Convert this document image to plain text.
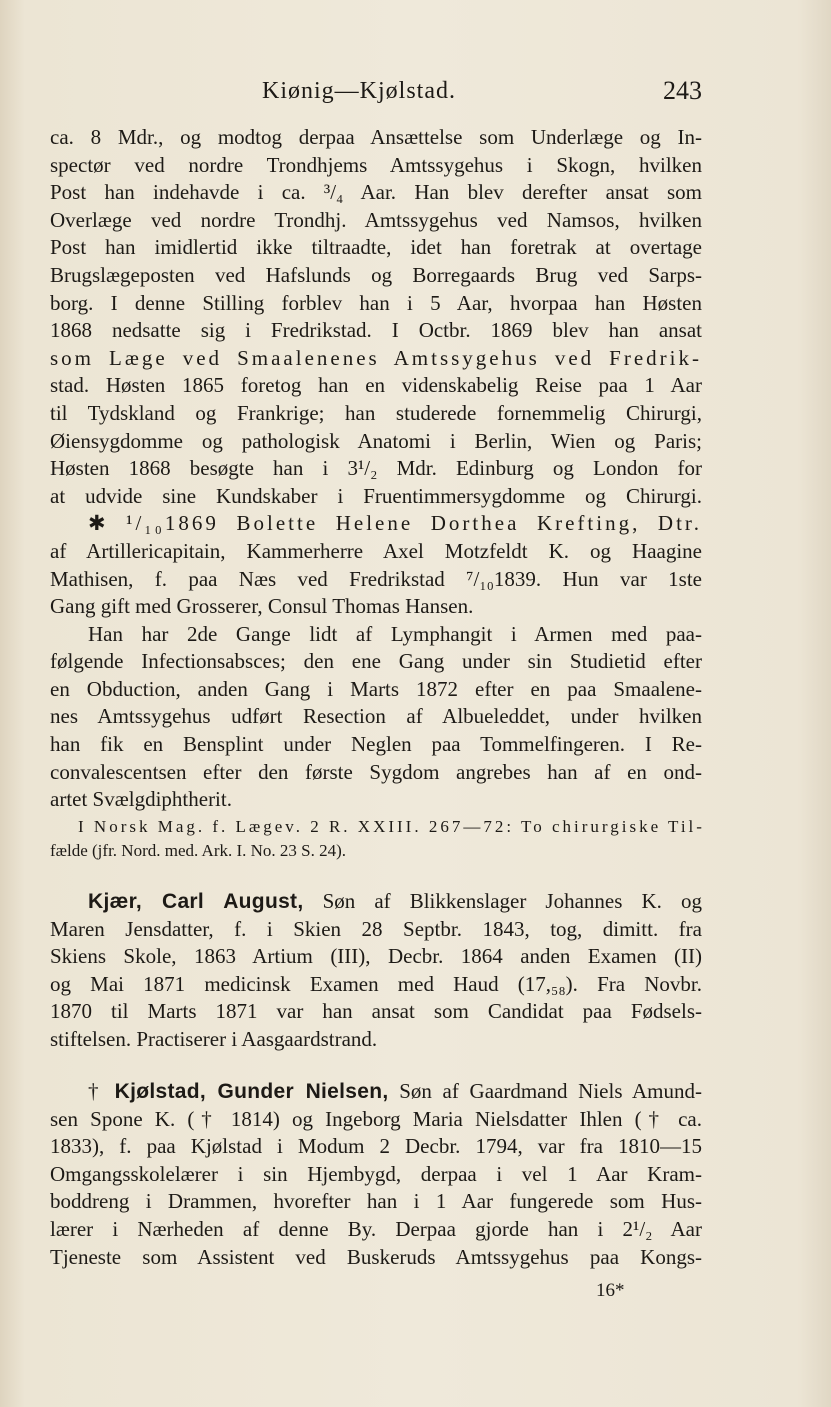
Kiønig—Kjølstad.	243
ca. 8 Mdr., og modtog derpaa Ansættelse som Underlæge og In-
spectør ved nordre Trondhjems Amtssygehus i Skogn, hvilken
Post han indehavde i ca. ³/₄ Aar. Han blev derefter ansat som
Overlæge ved nordre Trondhj. Amtssygehus ved Namsos, hvilken
Post han imidlertid ikke tiltraadte, idet han foretrak at overtage
Brugslægeposten ved Hafslunds og Borregaards Brug ved Sarps-
borg. I denne Stilling forblev han i 5 Aar, hvorpaa han Høsten
1868 nedsatte sig i Fredrikstad. I Octbr. 1869 blev han ansat
som Læge ved Smaalenenes Amtssygehus ved Fredrik-
stad. Høsten 1865 foretog han en videnskabelig Reise paa 1 Aar
til Tydskland og Frankrige; han studerede fornemmelig Chirurgi,
Øiensygdomme og pathologisk Anatomi i Berlin, Wien og Paris;
Høsten 1868 besøgte han i 3¹/₂ Mdr. Edinburg og London for
at udvide sine Kundskaber i Fruentimmersygdomme og Chirurgi.
✱ ¹/₁₀1869 Bolette Helene Dorthea Krefting, Dtr.
af Artillericapitain, Kammerherre Axel Motzfeldt K. og Haagine
Mathisen, f. paa Næs ved Fredrikstad ⁷/₁₀1839. Hun var 1ste
Gang gift med Grosserer, Consul Thomas Hansen.
Han har 2de Gange lidt af Lymphangit i Armen med paa-
følgende Infectionsabsces; den ene Gang under sin Studietid efter
en Obduction, anden Gang i Marts 1872 efter en paa Smaalene-
nes Amtssygehus udført Resection af Albueleddet, under hvilken
han fik en Bensplint under Neglen paa Tommelfingeren. I Re-
convalescentsen efter den første Sygdom angrebes han af en ond-
artet Svælgdiphtherit.
I Norsk Mag. f. Lægev. 2 R. XXIII. 267—72: To chirurgiske Til-
fælde (jfr. Nord. med. Ark. I. No. 23 S. 24).
Kjær, Carl August, Søn af Blikkenslager Johannes K. og
Maren Jensdatter, f. i Skien 28 Septbr. 1843, tog, dimitt. fra
Skiens Skole, 1863 Artium (III), Decbr. 1864 anden Examen (II)
og Mai 1871 medicinsk Examen med Haud (17,₅₈). Fra Novbr.
1870 til Marts 1871 var han ansat som Candidat paa Fødsels-
stiftelsen. Practiserer i Aasgaardstrand.
† Kjølstad, Gunder Nielsen, Søn af Gaardmand Niels Amund-
sen Spone K. († 1814) og Ingeborg Maria Nielsdatter Ihlen († ca.
1833), f. paa Kjølstad i Modum 2 Decbr. 1794, var fra 1810—15
Omgangsskolelærer i sin Hjembygd, derpaa i vel 1 Aar Kram-
boddreng i Drammen, hvorefter han i 1 Aar fungerede som Hus-
lærer i Nærheden af denne By. Derpaa gjorde han i 2¹/₂ Aar
Tjeneste som Assistent ved Buskeruds Amtssygehus paa Kongs-
16*
